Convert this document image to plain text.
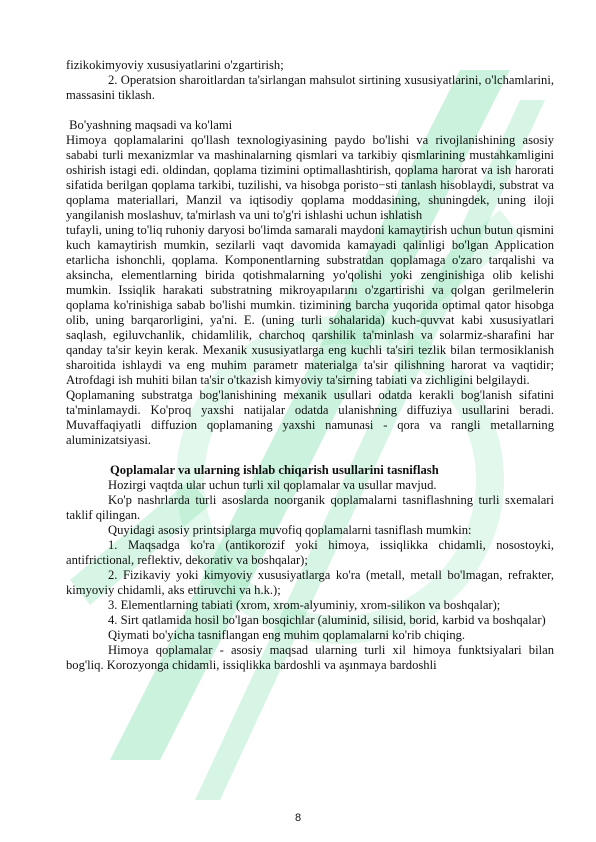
fizikokimyoviy xususiyatlarini o'zgartirish;

2. Operatsion sharoitlardan ta'sirlangan mahsulot sirtining xususiyatlarini, o'lchamlarini, massasini tiklash.

Bo'yashning maqsadi va ko'lami

Himoya qoplamalarini qo'llash texnologiyasining paydo bo'lishi va rivojlanishining asosiy sababi turli mexanizmlar va mashinalarning qismlari va tarkibiy qismlarining mustahkamligini oshirish istagi edi. oldindan, qoplama tizimini optimallashtirish, qoplama harorat va ish harorati sifatida berilgan qoplama tarkibi, tuzilishi, va hisobga poristo−sti tanlash hisoblaydi, substrat va qoplama materiallari, Manzil va iqtisodiy qoplama moddasining, shuningdek, uning iloji yangilanish moslashuv, ta'mirlash va uni to'g'ri ishlashi uchun ishlatish

tufayli, uning to'liq ruhoniy daryosi bo'limda samarali maydoni kamaytirish uchun butun qismini kuch kamaytirish mumkin, sezilarli vaqt davomida kamayadi qalinligi bo'lgan Application etarlicha ishonchli, qoplama. Komponentlarning substratdan qoplamaga o'zaro tarqalishi va aksincha, elementlarning birida qotishmalarning yo'qolishi yoki zenginishiga olib kelishi mumkin. Issiqlik harakati substratning mikroyapılarını o'zgartirishi va qolgan gerilmelerin qoplama ko'rinishiga sabab bo'lishi mumkin. tizimining barcha yuqorida optimal qator hisobga olib, uning barqarorligini, ya'ni. E. (uning turli sohalarida) kuch-quvvat kabi xususiyatlari saqlash, egiluvchanlik, chidamlilik, charchoq qarshilik ta'minlash va solarmiz-sharafini har qanday ta'sir keyin kerak. Mexanik xususiyatlarga eng kuchli ta'siri tezlik bilan termosiklanish sharoitida ishlaydi va eng muhim parametr materialga ta'sir qilishning harorat va vaqtidir; Atrofdagi ish muhiti bilan ta'sir o'tkazish kimyoviy ta'sirning tabiati va zichligini belgilaydi.

Qoplamaning substratga bog'lanishining mexanik usullari odatda kerakli bog'lanish sifatini ta'minlamaydi. Ko'proq yaxshi natijalar odatda ulanishning diffuziya usullarini beradi. Muvaffaqiyatli diffuzion qoplamaning yaxshi namunasi - qora va rangli metallarning aluminizatsiyasi.

Qoplamalar va ularning ishlab chiqarish usullarini tasniflash

Hozirgi vaqtda ular uchun turli xil qoplamalar va usullar mavjud.

Ko'p nashrlarda turli asoslarda noorganik qoplamalarni tasniflashning turli sxemalari taklif qilingan.

Quyidagi asosiy printsiplarga muvofiq qoplamalarni tasniflash mumkin:

1. Maqsadga ko'ra (antikorozif yoki himoya, issiqlikka chidamli, nosostoyki, antifrictional, reflektiv, dekorativ va boshqalar);

2. Fizikaviy yoki kimyoviy xususiyatlarga ko'ra (metall, metall bo'lmagan, refrakter, kimyoviy chidamli, aks ettiruvchi va h.k.);

3. Elementlarning tabiati (xrom, xrom-alyuminiy, xrom-silikon va boshqalar);

4. Sirt qatlamida hosil bo'lgan bosqichlar (aluminid, silisid, borid, karbid va boshqalar)

Qiymati bo'yicha tasniflangan eng muhim qoplamalarni ko'rib chiqing.

Himoya qoplamalar - asosiy maqsad ularning turli xil himoya funktsiyalari bilan bog'liq. Korozyonga chidamli, issiqlikka bardoshli va aşınmaya bardoshli

8
